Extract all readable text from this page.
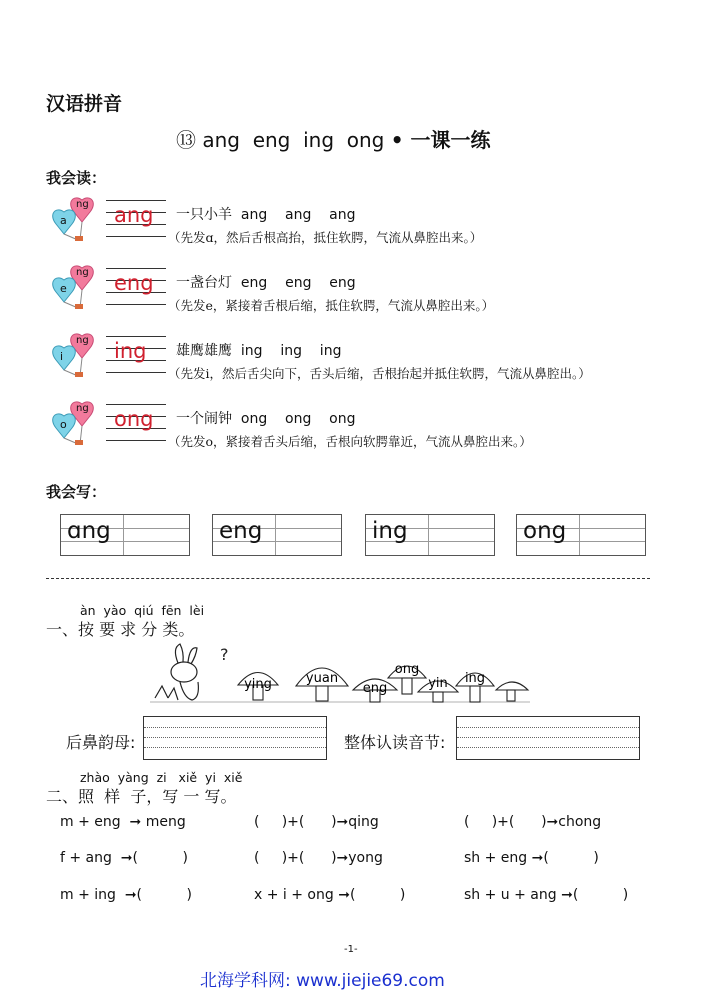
汉语拼音
⑬ ang  eng  ing  ong • 一课一练
我会读：
a
ng ang 一只小羊 ang    ang    ang
（先发ɑ，然后舌根高抬，抵住软腭，气流从鼻腔出来。）
e
ng eng 一盏台灯 eng    eng    eng
（先发e，紧接着舌根后缩，抵住软腭，气流从鼻腔出来。）
i
ng ing 雄鹰雄鹰 ing    ing    ing
（先发i，然后舌尖向下，舌头后缩，舌根抬起并抵住软腭，气流从鼻腔出。）
o
ng ong 一个闹钟 ong    ong    ong
（先发o，紧接着舌头后缩，舌根向软腭靠近，气流从鼻腔出来。）
我会写：
ɑng	eng	ing	ong
àn  yào  qiú  fēn  lèi
一、按 要 求 分 类。
?
ying	yuan
eng
ong
yin ing
后鼻韵母:	整体认读音节:
zhào  yàng  zi   xiě  yi  xiě
二、照  样  子，写 一 写。
m + eng  ➞ meng	(     )+(      )➞qing	(     )+(      )➞chong
f + ang  ➞(          )	(     )+(      )➞yong	sh + eng ➞(          )
m + ing  ➞(          )	x + i + ong ➞(          )	sh + u + ang ➞(          )
-1-
北海学科网: www.jiejie69.com
